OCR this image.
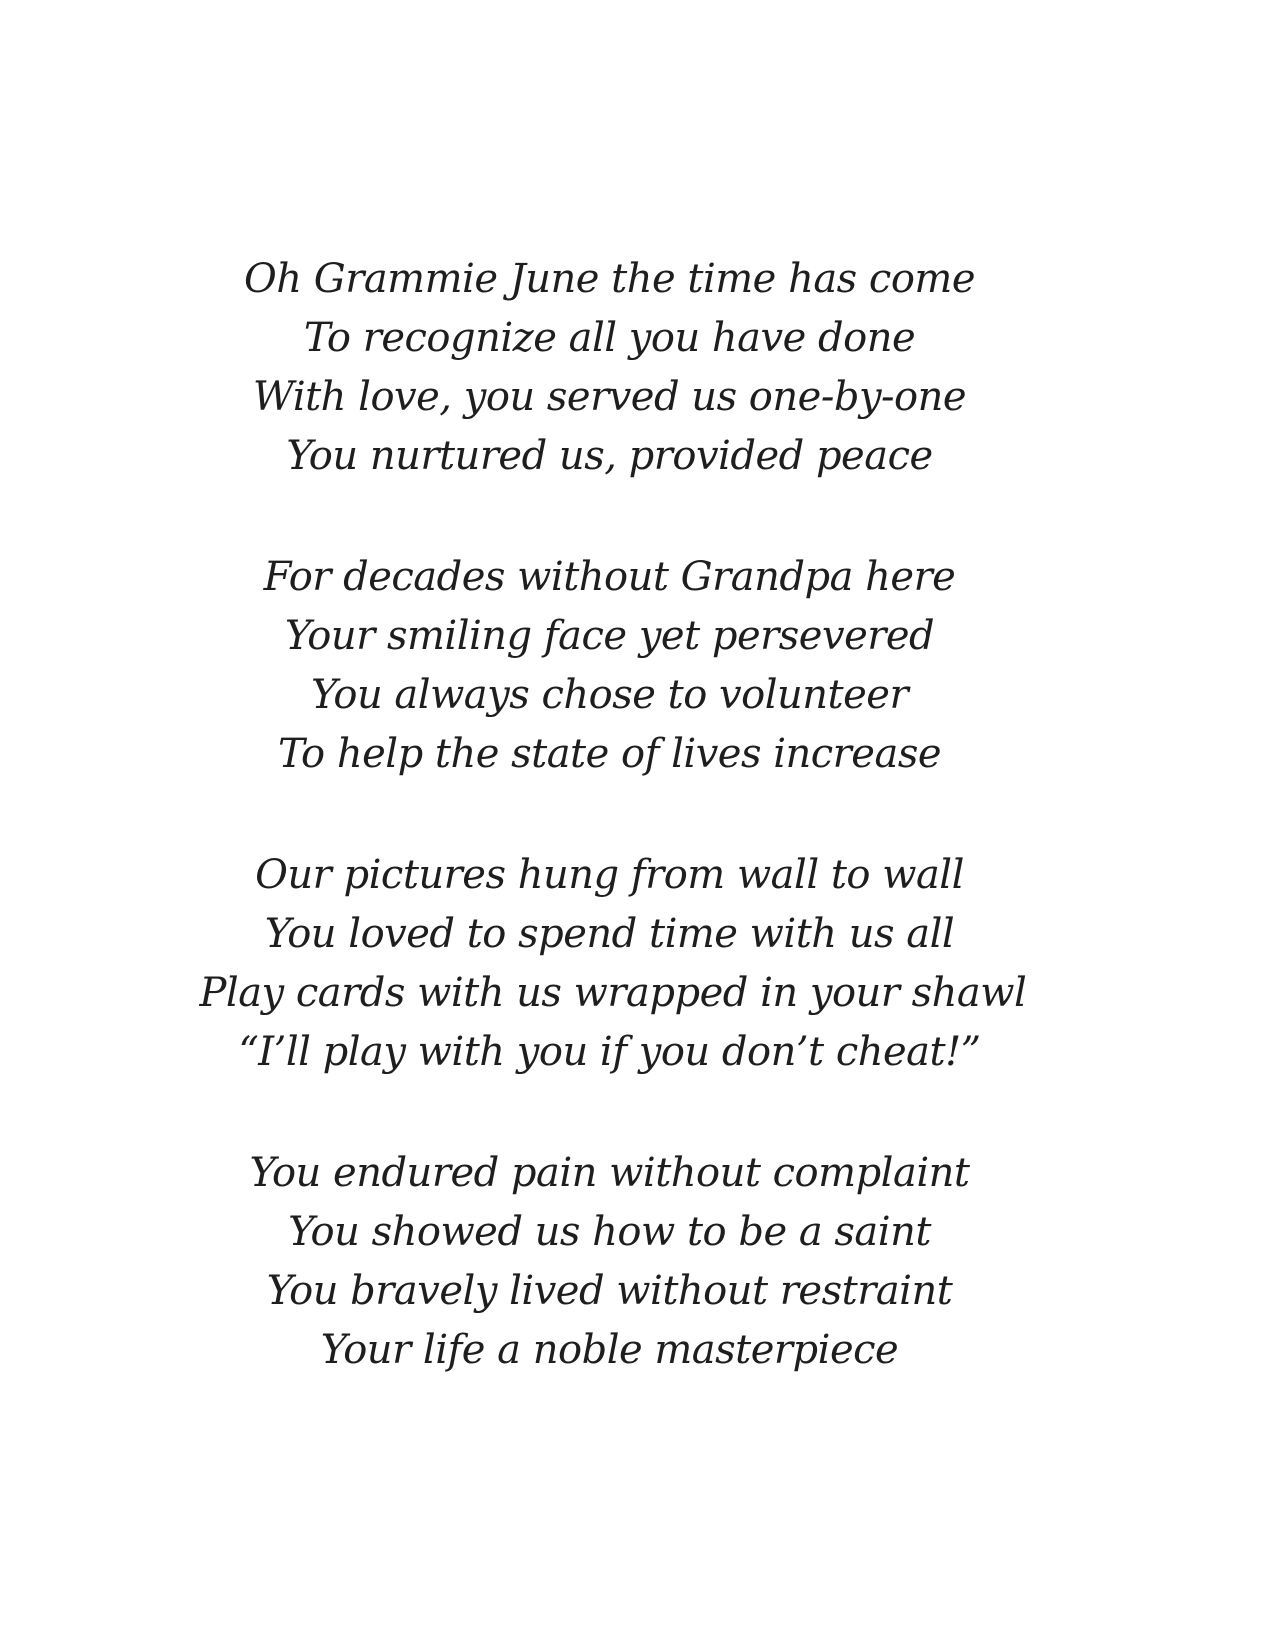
Oh Grammie June the time has come

To recognize all you have done

With love, you served us one-by-one

You nurtured us, provided peace

For decades without Grandpa here

Your smiling face yet persevered

You always chose to volunteer

To help the state of lives increase

Our pictures hung from wall to wall

You loved to spend time with us all

Play cards with us wrapped in your shawl

“I’ll play with you if you don’t cheat!”

You endured pain without complaint

You showed us how to be a saint

You bravely lived without restraint

Your life a noble masterpiece
